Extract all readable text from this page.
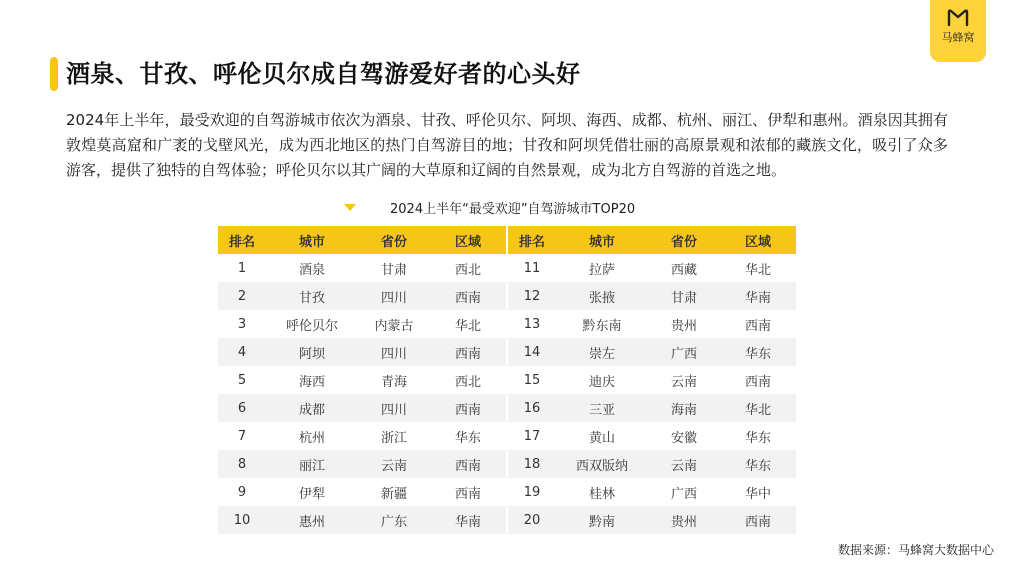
酒泉、甘孜、呼伦贝尔成自驾游爱好者的心头好
马蜂窝
2024年上半年，最受欢迎的自驾游城市依次为酒泉、甘孜、呼伦贝尔、阿坝、海西、成都、杭州、丽江、伊犁和惠州。酒泉因其拥有敦煌莫高窟和广袤的戈壁风光，成为西北地区的热门自驾游目的地；甘孜和阿坝凭借壮丽的高原景观和浓郁的藏族文化，吸引了众多游客，提供了独特的自驾体验；呼伦贝尔以其广阔的大草原和辽阔的自然景观，成为北方自驾游的首选之地。
2024上半年“最受欢迎”自驾游城市TOP20
排名	城市	省份	区域		排名	城市	省份	区域
1	酒泉	甘肃	西北		11	拉萨	西藏	华北
2	甘孜	四川	西南		12	张掖	甘肃	华南
3	呼伦贝尔	内蒙古	华北		13	黔东南	贵州	西南
4	阿坝	四川	西南		14	崇左	广西	华东
5	海西	青海	西北		15	迪庆	云南	西南
6	成都	四川	西南		16	三亚	海南	华北
7	杭州	浙江	华东		17	黄山	安徽	华东
8	丽江	云南	西南		18	西双版纳	云南	华东
9	伊犁	新疆	西南		19	桂林	广西	华中
10	惠州	广东	华南		20	黔南	贵州	西南
数据来源：马蜂窝大数据中心
